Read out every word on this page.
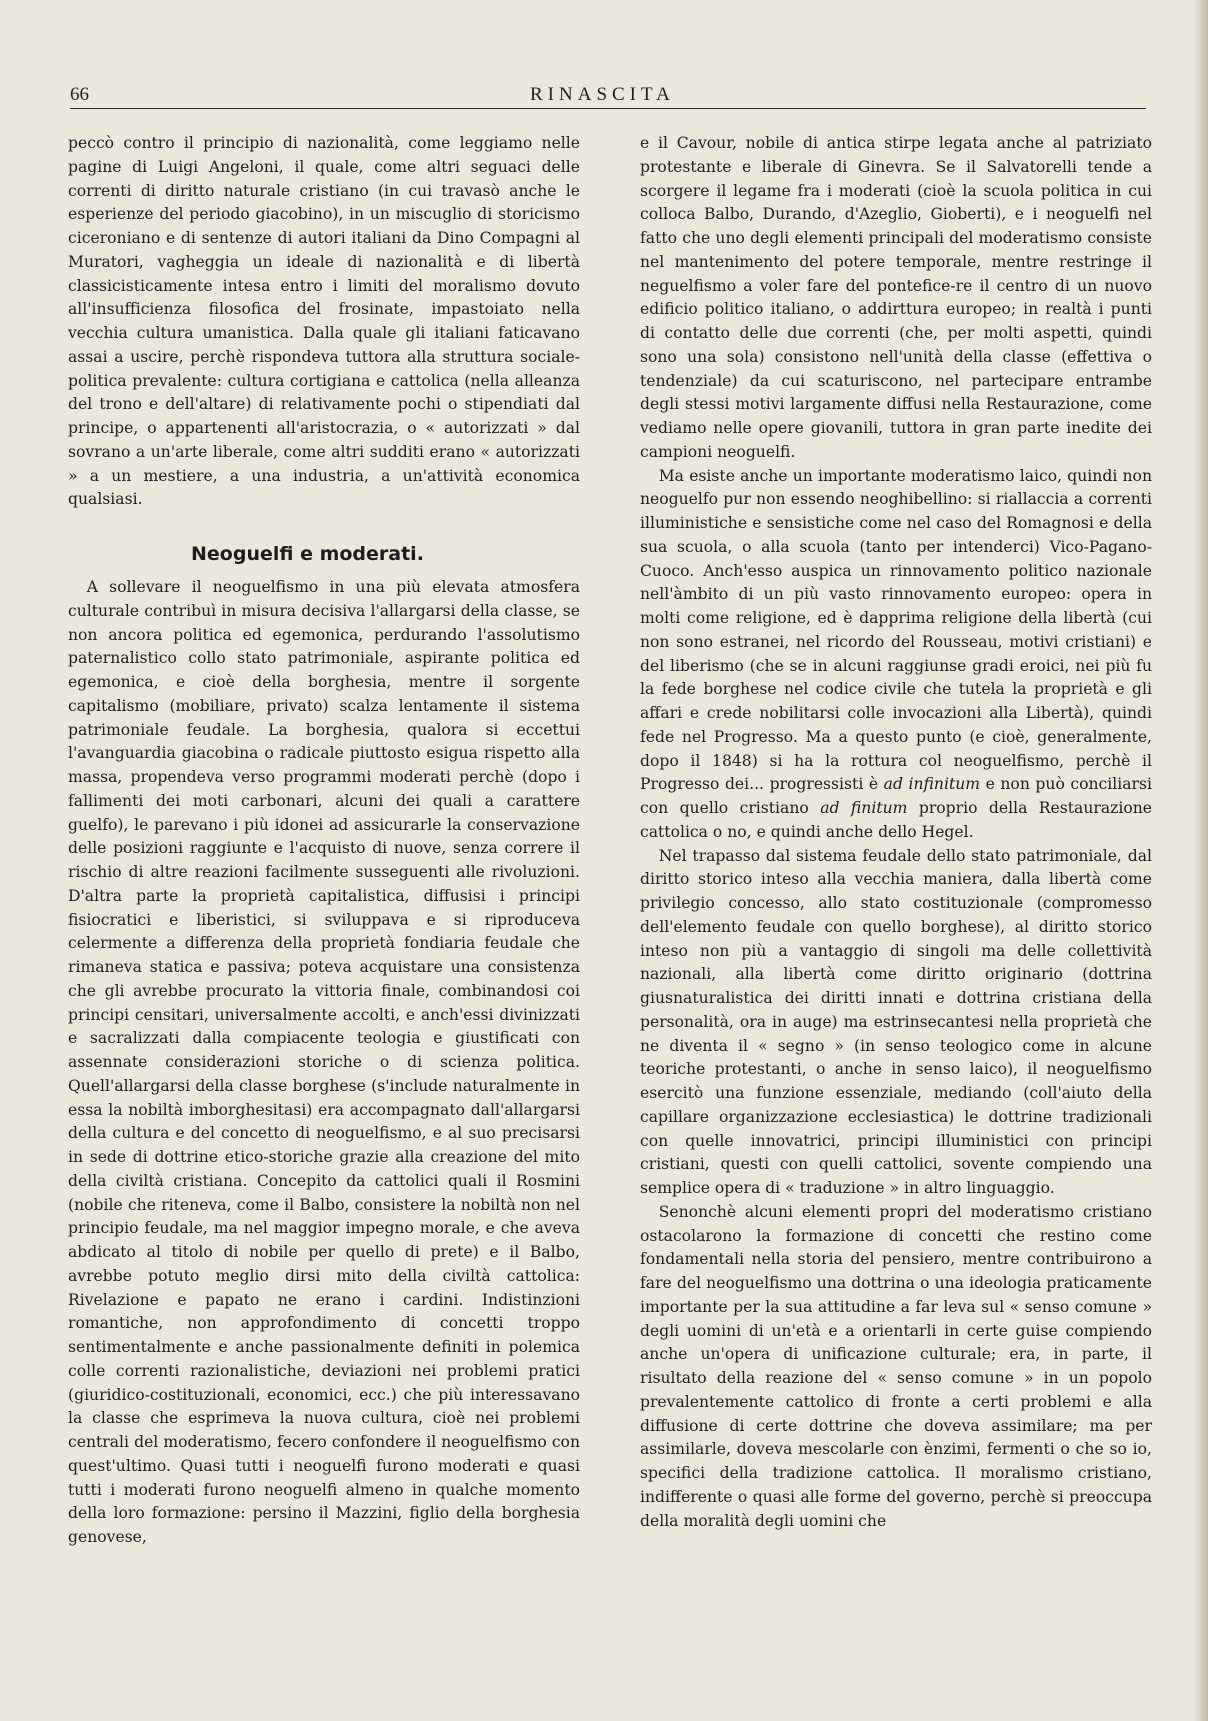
66	RINASCITA

peccò contro il principio di nazionalità, come leggiamo nelle pagine di Luigi Angeloni, il quale, come altri seguaci delle correnti di diritto naturale cristiano (in cui travasò anche le esperienze del periodo giacobino), in un miscuglio di storicismo ciceroniano e di sentenze di autori italiani da Dino Compagni al Muratori, vagheggia un ideale di nazionalità e di libertà classicisticamente intesa entro i limiti del moralismo dovuto all'insufficienza filosofica del frosinate, impastoiato nella vecchia cultura umanistica. Dalla quale gli italiani faticavano assai a uscire, perchè rispondeva tuttora alla struttura sociale-politica prevalente: cultura cortigiana e cattolica (nella alleanza del trono e dell'altare) di relativamente pochi o stipendiati dal principe, o appartenenti all'aristocrazia, o « autorizzati » dal sovrano a un'arte liberale, come altri sudditi erano « autorizzati » a un mestiere, a una industria, a un'attività economica qualsiasi.

Neoguelfi e moderati.

A sollevare il neoguelfismo in una più elevata atmosfera culturale contribuì in misura decisiva l'allargarsi della classe, se non ancora politica ed egemonica, perdurando l'assolutismo paternalistico collo stato patrimoniale, aspirante politica ed egemonica, e cioè della borghesia, mentre il sorgente capitalismo (mobiliare, privato) scalza lentamente il sistema patrimoniale feudale. La borghesia, qualora si eccettui l'avanguardia giacobina o radicale piuttosto esigua rispetto alla massa, propendeva verso programmi moderati perchè (dopo i fallimenti dei moti carbonari, alcuni dei quali a carattere guelfo), le parevano i più idonei ad assicurarle la conservazione delle posizioni raggiunte e l'acquisto di nuove, senza correre il rischio di altre reazioni facilmente susseguenti alle rivoluzioni. D'altra parte la proprietà capitalistica, diffusisi i principi fisiocratici e liberistici, si sviluppava e si riproduceva celermente a differenza della proprietà fondiaria feudale che rimaneva statica e passiva; poteva acquistare una consistenza che gli avrebbe procurato la vittoria finale, combinandosi coi principi censitari, universalmente accolti, e anch'essi divinizzati e sacralizzati dalla compiacente teologia e giustificati con assennate considerazioni storiche o di scienza politica. Quell'allargarsi della classe borghese (s'include naturalmente in essa la nobiltà imborghesitasi) era accompagnato dall'allargarsi della cultura e del concetto di neoguelfismo, e al suo precisarsi in sede di dottrine etico-storiche grazie alla creazione del mito della civiltà cristiana. Concepito da cattolici quali il Rosmini (nobile che riteneva, come il Balbo, consistere la nobiltà non nel principio feudale, ma nel maggior impegno morale, e che aveva abdicato al titolo di nobile per quello di prete) e il Balbo, avrebbe potuto meglio dirsi mito della civiltà cattolica: Rivelazione e papato ne erano i cardini. Indistinzioni romantiche, non approfondimento di concetti troppo sentimentalmente e anche passionalmente definiti in polemica colle correnti razionalistiche, deviazioni nei problemi pratici (giuridico-costituzionali, economici, ecc.) che più interessavano la classe che esprimeva la nuova cultura, cioè nei problemi centrali del moderatismo, fecero confondere il neoguelfismo con quest'ultimo. Quasi tutti i neoguelfi furono moderati e quasi tutti i moderati furono neoguelfi almeno in qualche momento della loro formazione: persino il Mazzini, figlio della borghesia genovese,

e il Cavour, nobile di antica stirpe legata anche al patriziato protestante e liberale di Ginevra. Se il Salvatorelli tende a scorgere il legame fra i moderati (cioè la scuola politica in cui colloca Balbo, Durando, d'Azeglio, Gioberti), e i neoguelfi nel fatto che uno degli elementi principali del moderatismo consiste nel mantenimento del potere temporale, mentre restringe il neguelfismo a voler fare del pontefice-re il centro di un nuovo edificio politico italiano, o addirttura europeo; in realtà i punti di contatto delle due correnti (che, per molti aspetti, quindi sono una sola) consistono nell'unità della classe (effettiva o tendenziale) da cui scaturiscono, nel partecipare entrambe degli stessi motivi largamente diffusi nella Restaurazione, come vediamo nelle opere giovanili, tuttora in gran parte inedite dei campioni neoguelfi.

Ma esiste anche un importante moderatismo laico, quindi non neoguelfo pur non essendo neoghibellino: si riallaccia a correnti illuministiche e sensistiche come nel caso del Romagnosi e della sua scuola, o alla scuola (tanto per intenderci) Vico-Pagano-Cuoco. Anch'esso auspica un rinnovamento politico nazionale nell'àmbito di un più vasto rinnovamento europeo: opera in molti come religione, ed è dapprima religione della libertà (cui non sono estranei, nel ricordo del Rousseau, motivi cristiani) e del liberismo (che se in alcuni raggiunse gradi eroici, nei più fu la fede borghese nel codice civile che tutela la proprietà e gli affari e crede nobilitarsi colle invocazioni alla Libertà), quindi fede nel Progresso. Ma a questo punto (e cioè, generalmente, dopo il 1848) si ha la rottura col neoguelfismo, perchè il Progresso dei... progressisti è ad infinitum e non può conciliarsi con quello cristiano ad finitum proprio della Restaurazione cattolica o no, e quindi anche dello Hegel.

Nel trapasso dal sistema feudale dello stato patrimoniale, dal diritto storico inteso alla vecchia maniera, dalla libertà come privilegio concesso, allo stato costituzionale (compromesso dell'elemento feudale con quello borghese), al diritto storico inteso non più a vantaggio di singoli ma delle collettività nazionali, alla libertà come diritto originario (dottrina giusnaturalistica dei diritti innati e dottrina cristiana della personalità, ora in auge) ma estrinsecantesi nella proprietà che ne diventa il « segno » (in senso teologico come in alcune teoriche protestanti, o anche in senso laico), il neoguelfismo esercitò una funzione essenziale, mediando (coll'aiuto della capillare organizzazione ecclesiastica) le dottrine tradizionali con quelle innovatrici, principi illuministici con principi cristiani, questi con quelli cattolici, sovente compiendo una semplice opera di « traduzione » in altro linguaggio.

Senonchè alcuni elementi propri del moderatismo cristiano ostacolarono la formazione di concetti che restino come fondamentali nella storia del pensiero, mentre contribuirono a fare del neoguelfismo una dottrina o una ideologia praticamente importante per la sua attitudine a far leva sul « senso comune » degli uomini di un'età e a orientarli in certe guise compiendo anche un'opera di unificazione culturale; era, in parte, il risultato della reazione del « senso comune » in un popolo prevalentemente cattolico di fronte a certi problemi e alla diffusione di certe dottrine che doveva assimilare; ma per assimilarle, doveva mescolarle con ènzimi, fermenti o che so io, specifici della tradizione cattolica. Il moralismo cristiano, indifferente o quasi alle forme del governo, perchè si preoccupa della moralità degli uomini che
